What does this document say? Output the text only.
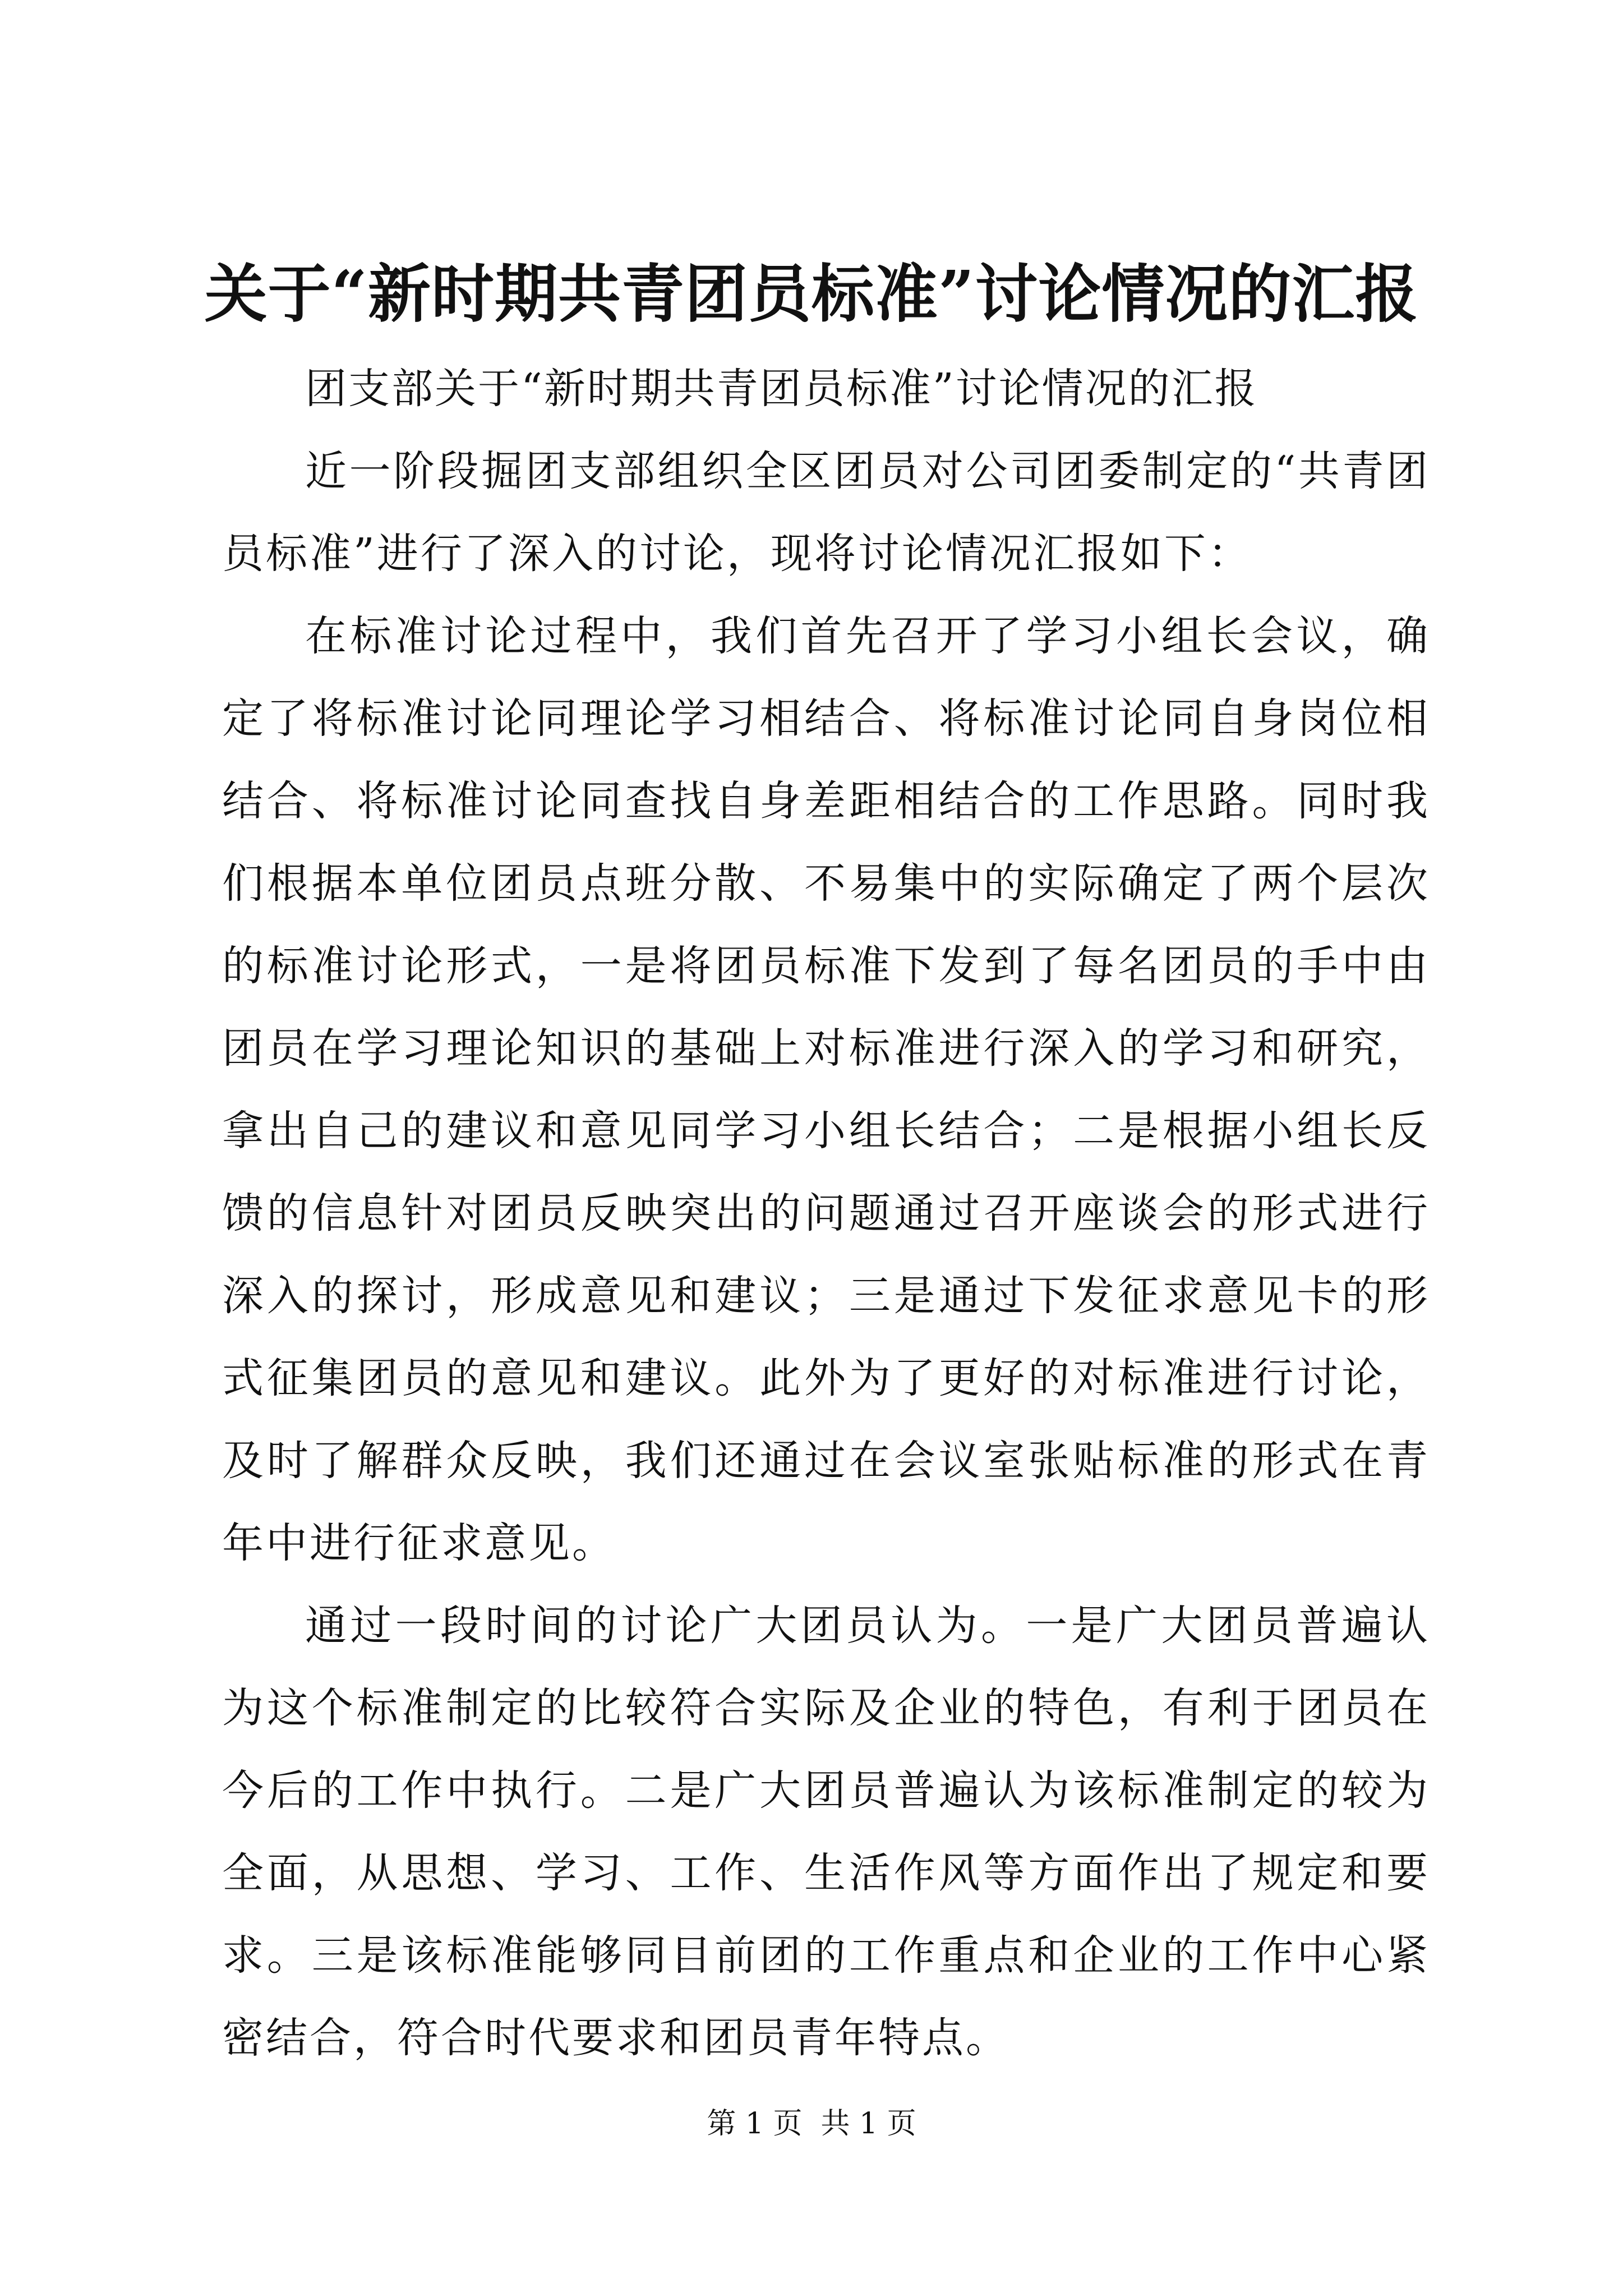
关于“新时期共青团员标准”讨论情况的汇报

团支部关于“新时期共青团员标准”讨论情况的汇报

近一阶段掘团支部组织全区团员对公司团委制定的“共青团员标准”进行了深入的讨论，现将讨论情况汇报如下：

在标准讨论过程中，我们首先召开了学习小组长会议，确定了将标准讨论同理论学习相结合、将标准讨论同自身岗位相结合、将标准讨论同查找自身差距相结合的工作思路。同时我们根据本单位团员点班分散、不易集中的实际确定了两个层次的标准讨论形式，一是将团员标准下发到了每名团员的手中由团员在学习理论知识的基础上对标准进行深入的学习和研究，拿出自己的建议和意见同学习小组长结合；二是根据小组长反馈的信息针对团员反映突出的问题通过召开座谈会的形式进行深入的探讨，形成意见和建议；三是通过下发征求意见卡的形式征集团员的意见和建议。此外为了更好的对标准进行讨论，及时了解群众反映，我们还通过在会议室张贴标准的形式在青年中进行征求意见。

通过一段时间的讨论广大团员认为。一是广大团员普遍认为这个标准制定的比较符合实际及企业的特色，有利于团员在今后的工作中执行。二是广大团员普遍认为该标准制定的较为全面，从思想、学习、工作、生活作风等方面作出了规定和要求。三是该标准能够同目前团的工作重点和企业的工作中心紧密结合，符合时代要求和团员青年特点。

第 1 页  共 1 页
